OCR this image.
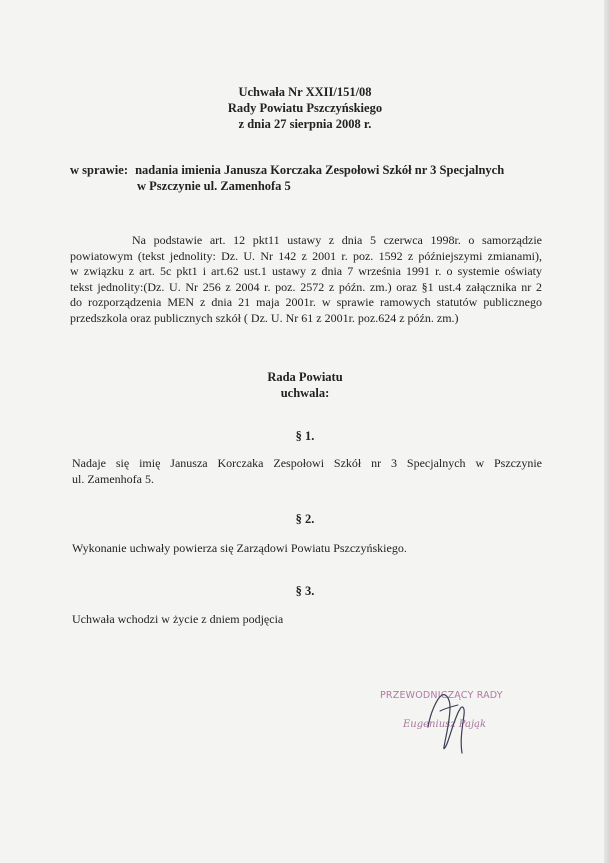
Uchwała Nr XXII/151/08
Rady Powiatu Pszczyńskiego
z dnia 27 sierpnia 2008 r.
w sprawie: nadania imienia Janusza Korczaka Zespołowi Szkół nr 3 Specjalnych
w Pszczynie ul. Zamenhofa 5
Na podstawie art. 12 pkt11 ustawy z dnia 5 czerwca 1998r. o samorządzie
powiatowym (tekst jednolity: Dz. U. Nr 142 z 2001 r. poz. 1592 z późniejszymi zmianami),
w związku z art. 5c pkt1 i art.62 ust.1 ustawy z dnia 7 września 1991 r. o systemie oświaty
tekst jednolity:(Dz. U. Nr 256 z 2004 r. poz. 2572 z późn. zm.) oraz §1 ust.4 załącznika nr 2
do rozporządzenia MEN z dnia 21 maja 2001r. w sprawie ramowych statutów publicznego
przedszkola oraz publicznych szkół ( Dz. U. Nr 61 z 2001r. poz.624 z późn. zm.)
Rada Powiatu
uchwala:
§ 1.
Nadaje się imię Janusza Korczaka Zespołowi Szkół nr 3 Specjalnych w Pszczynie
ul. Zamenhofa 5.
§ 2.
Wykonanie uchwały powierza się Zarządowi Powiatu Pszczyńskiego.
§ 3.
Uchwała wchodzi w życie z dniem podjęcia
PRZEWODNICZĄCY RADY
Eugeniusz Pająk
